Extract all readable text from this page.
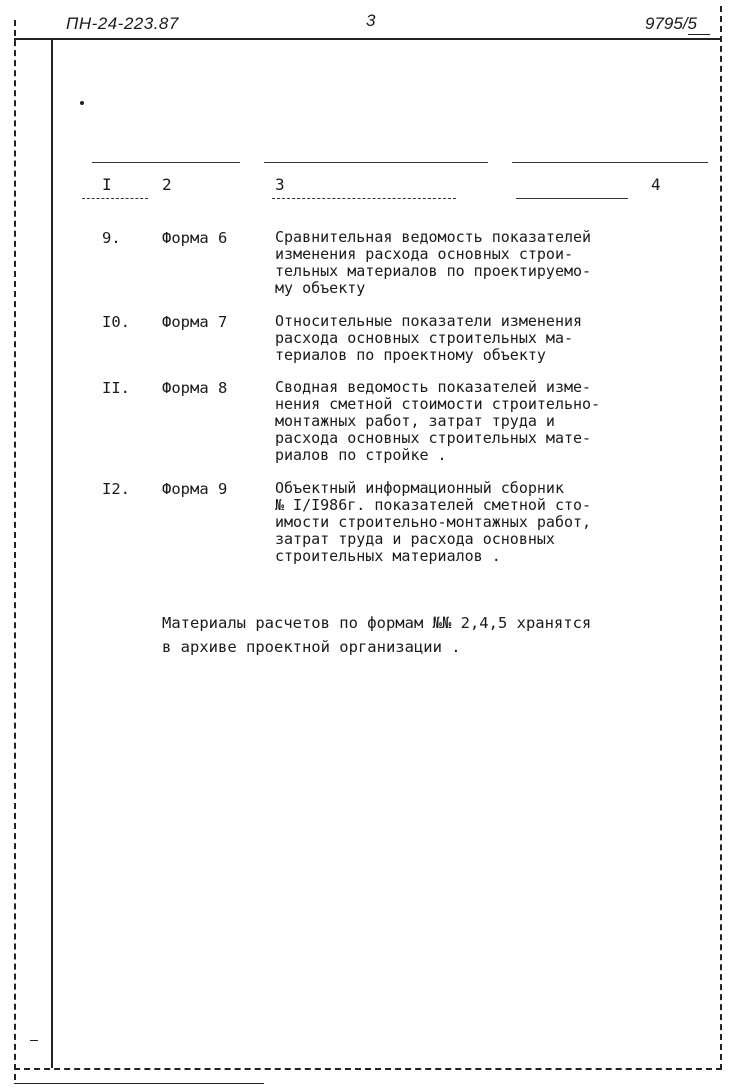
ПН-24-223.87	3	9795/5
I	2	3	4
9.	Форма 6	Сравнительная ведомость показателей
изменения расхода основных строи-
тельных материалов по проектируемо-
му объекту
I0. Форма 7	Относительные показатели изменения
расхода основных строительных ма-
териалов по проектному объекту
II. Форма 8	Сводная ведомость показателей изме-
нения сметной стоимости строительно-
монтажных работ, затрат труда и
расхода основных строительных мате-
риалов по стройке .
I2. Форма 9	Объектный информационный сборник
№ I/I986г. показателей сметной сто-
имости строительно-монтажных работ,
затрат труда и расхода основных
строительных материалов .
Материалы расчетов по формам №№ 2,4,5 хранятся
в архиве проектной организации .
